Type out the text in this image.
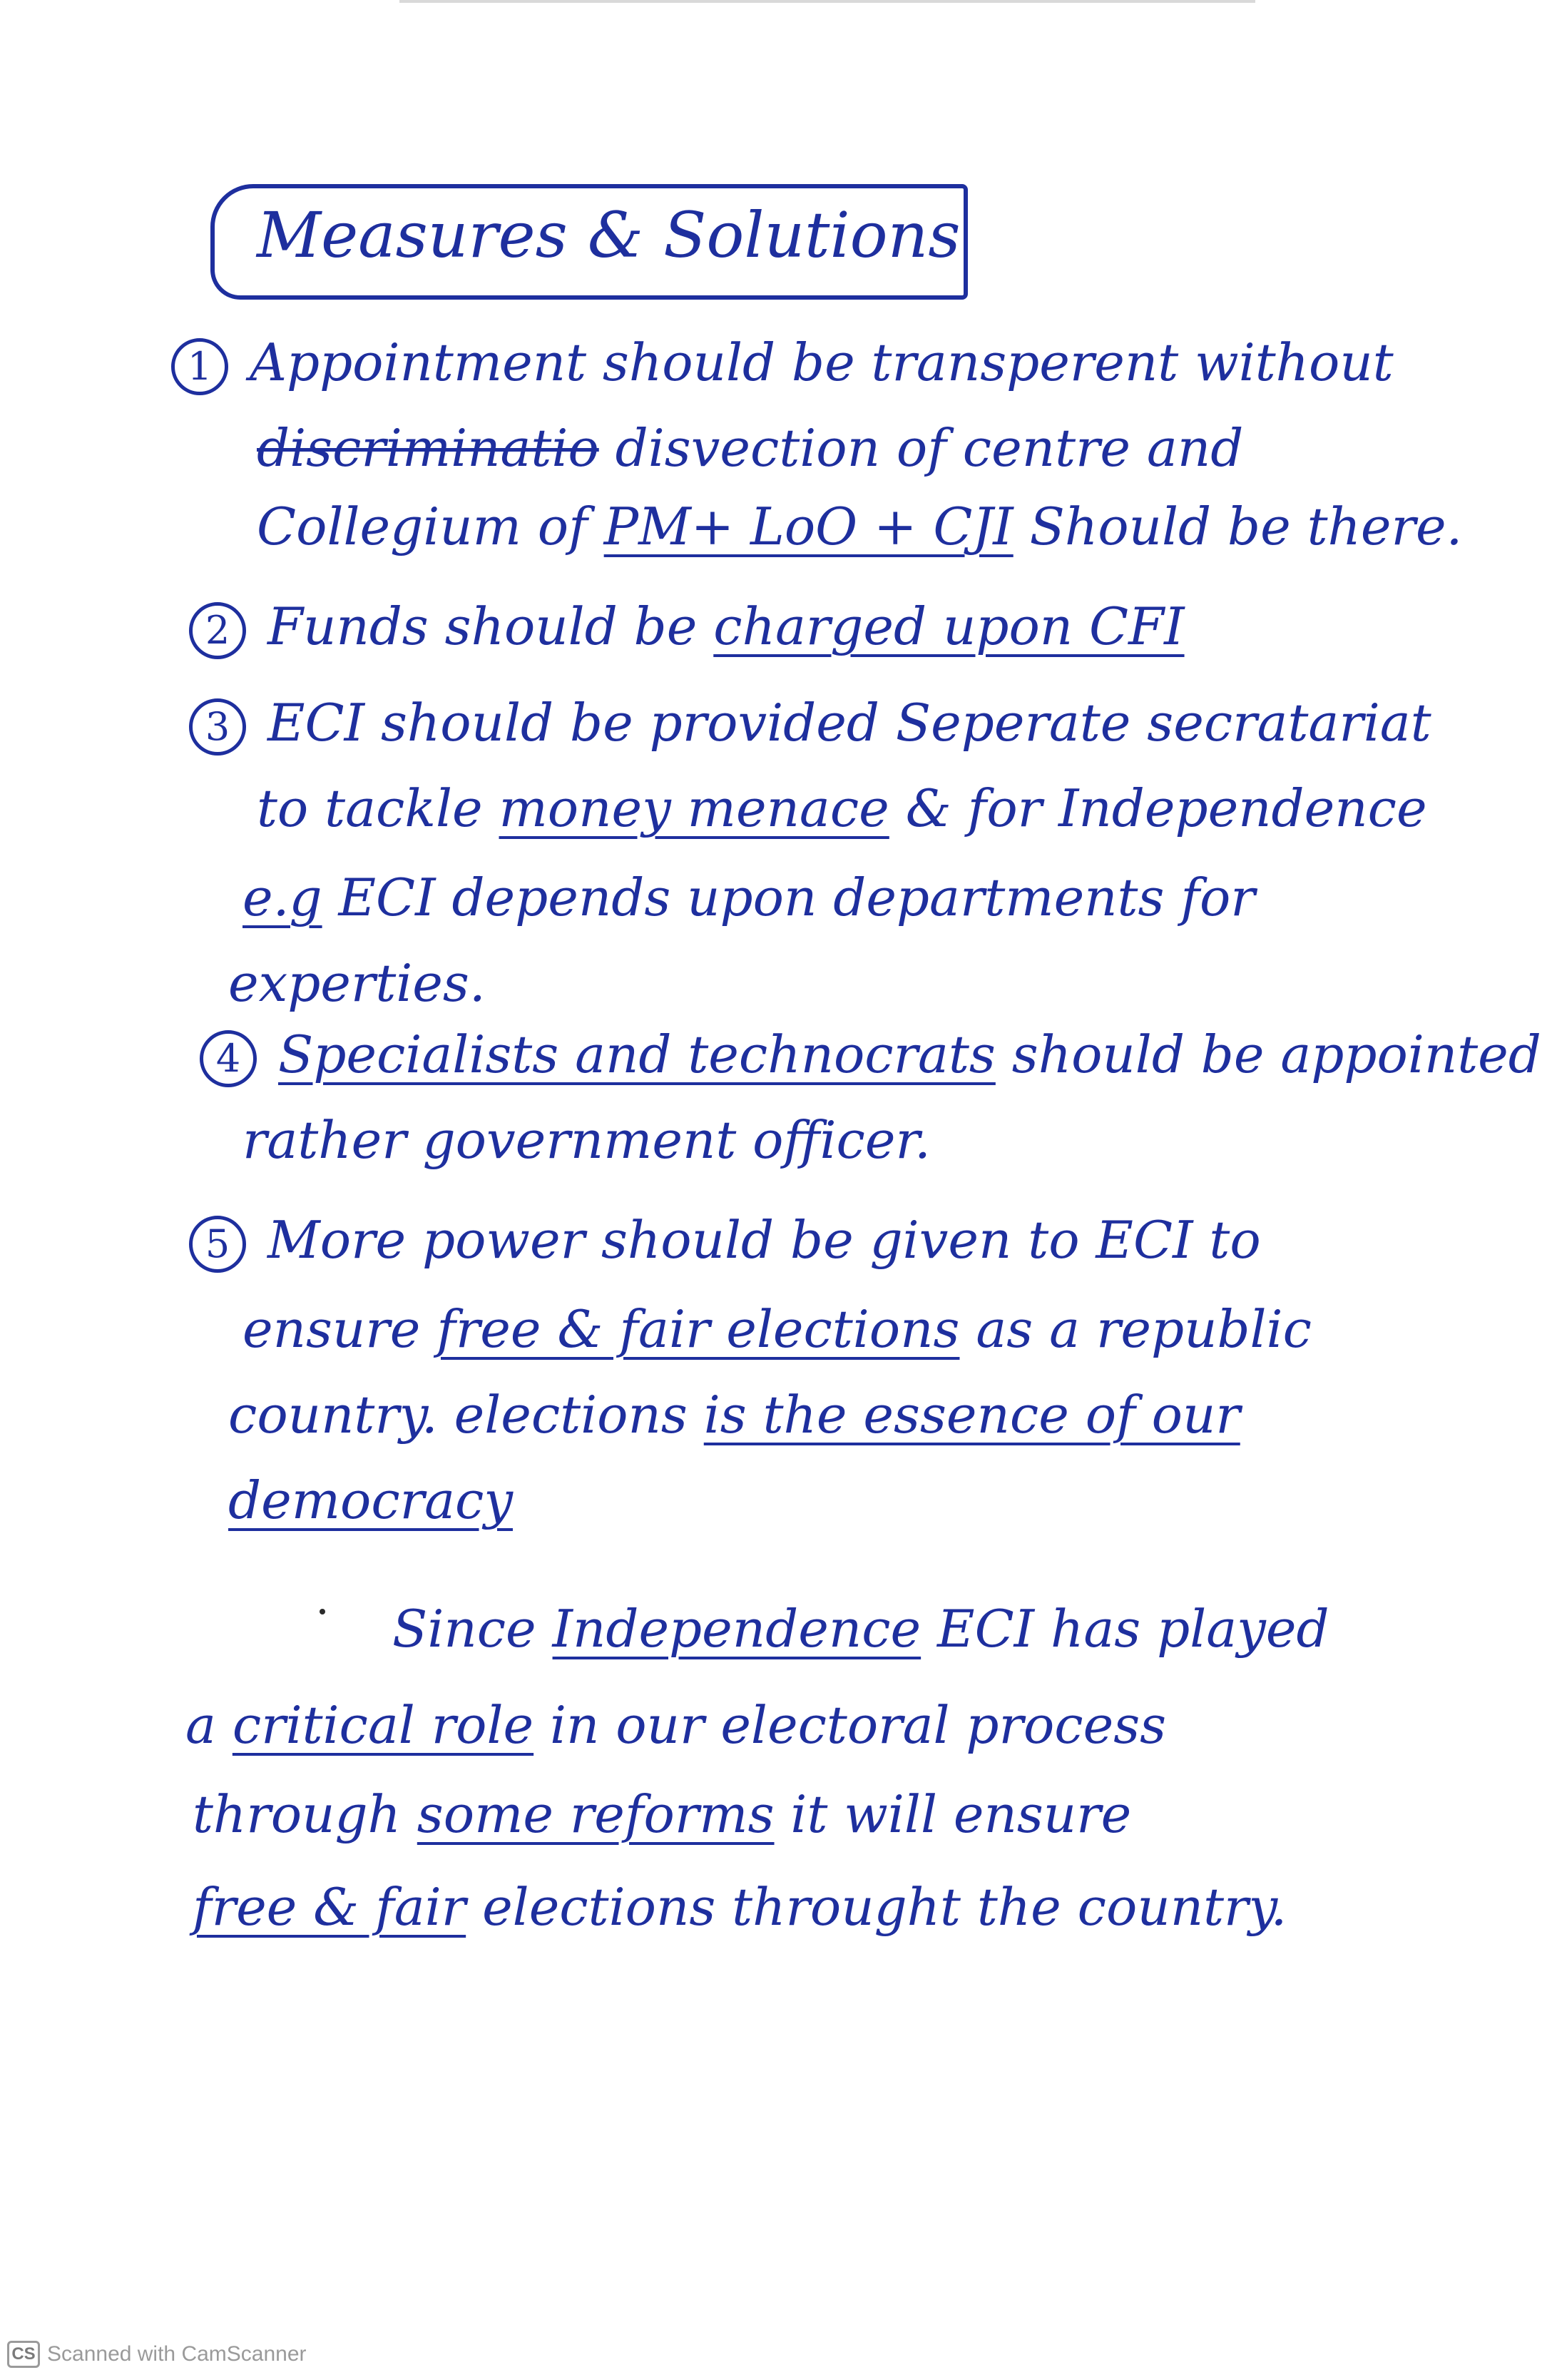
Measures & Solutions
1 Appointment should be transperent without
discriminatio disvection of centre and
Collegium of PM+ LoO + CJI Should be there.
2 Funds should be charged upon CFI
3 ECI should be provided Seperate secratariat
to tackle money menace & for Independence
e.g ECI depends upon departments for
experties.
4 Specialists and technocrats should be appointed
rather government officer.
5 More power should be given to ECI to
ensure free & fair elections as a republic
country. elections is the essence of our
democracy
Since Independence ECI has played
a critical role in our electoral process
through some reforms it will ensure
free & fair elections throught the country.
CS Scanned with CamScanner
